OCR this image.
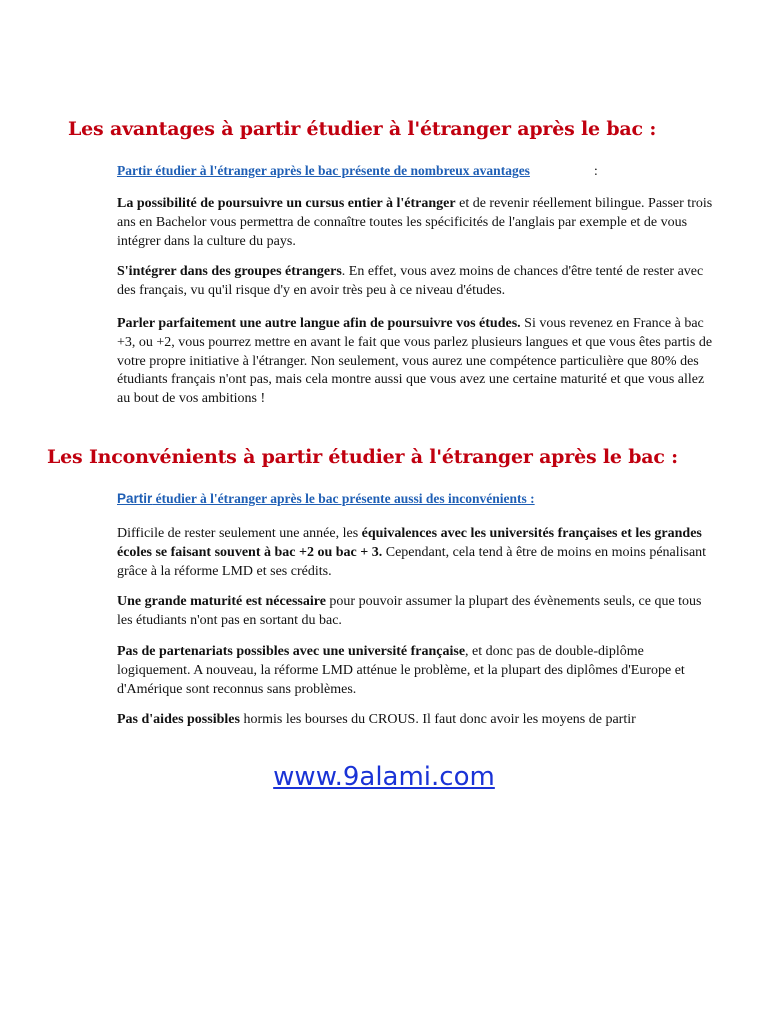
Les avantages à partir étudier à l'étranger après le bac :
Partir étudier à l'étranger après le bac présente de nombreux avantages	:

La possibilité de poursuivre un cursus entier à l'étranger et de revenir réellement bilingue. Passer trois ans en Bachelor vous permettra de connaître toutes les spécificités de l'anglais par exemple et de vous intégrer dans la culture du pays.

S'intégrer dans des groupes étrangers. En effet, vous avez moins de chances d'être tenté de rester avec des français, vu qu'il risque d'y en avoir très peu à ce niveau d'études.

Parler parfaitement une autre langue afin de poursuivre vos études. Si vous revenez en France à bac +3, ou +2, vous pourrez mettre en avant le fait que vous parlez plusieurs langues et que vous êtes partis de votre propre initiative à l'étranger. Non seulement, vous aurez une compétence particulière que 80% des étudiants français n'ont pas, mais cela montre aussi que vous avez une certaine maturité et que vous allez au bout de vos ambitions !

Les Inconvénients à partir étudier à l'étranger après le bac :
Partir étudier à l'étranger après le bac présente aussi des inconvénients :

Difficile de rester seulement une année, les équivalences avec les universités françaises et les grandes écoles se faisant souvent à bac +2 ou bac + 3. Cependant, cela tend à être de moins en moins pénalisant grâce à la réforme LMD et ses crédits.

Une grande maturité est nécessaire pour pouvoir assumer la plupart des évènements seuls, ce que tous les étudiants n'ont pas en sortant du bac.

Pas de partenariats possibles avec une université française, et donc pas de double-diplôme logiquement. A nouveau, la réforme LMD atténue le problème, et la plupart des diplômes d'Europe et d'Amérique sont reconnus sans problèmes.

Pas d'aides possibles hormis les bourses du CROUS. Il faut donc avoir les moyens de partir

www.9alami.com
